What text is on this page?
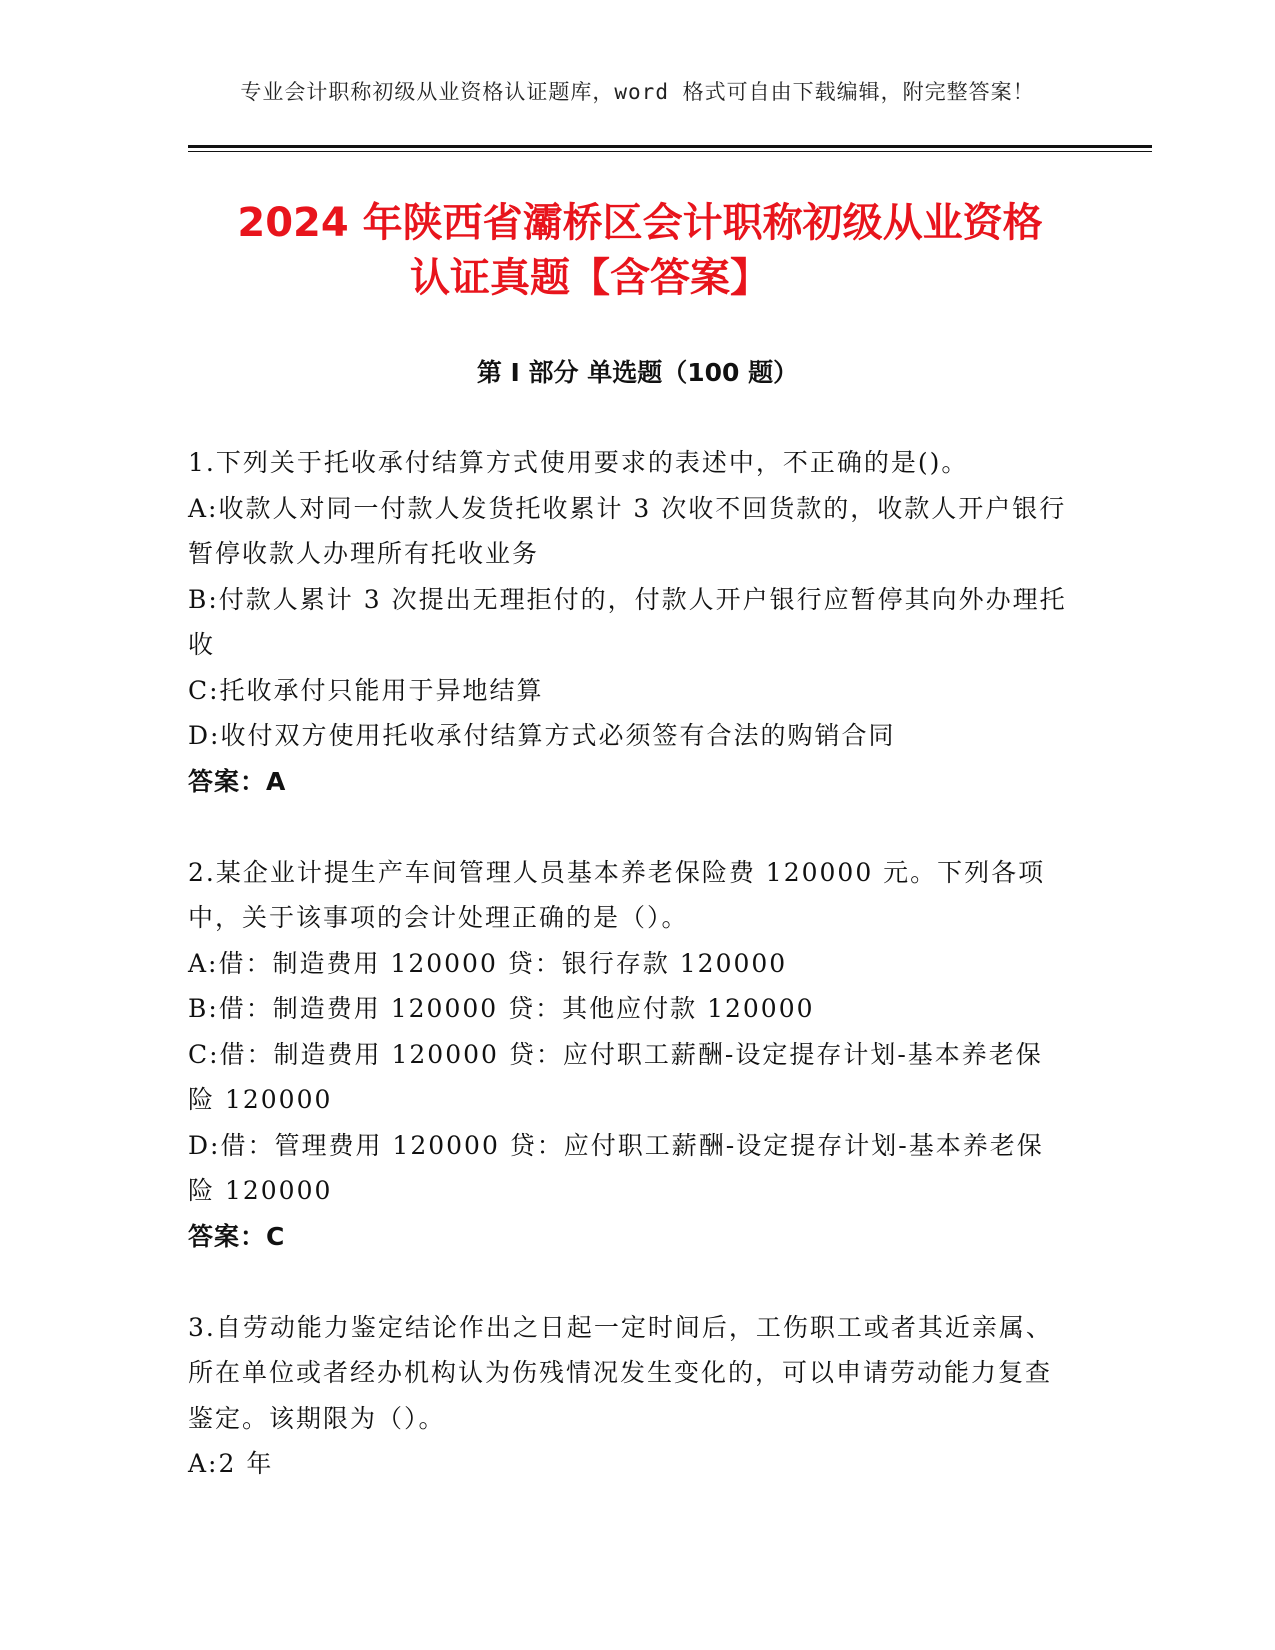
专业会计职称初级从业资格认证题库，word 格式可自由下载编辑，附完整答案！
2024 年陕西省灞桥区会计职称初级从业资格
认证真题【含答案】
第 I 部分 单选题（100 题）

1.下列关于托收承付结算方式使用要求的表述中，不正确的是()。

A:收款人对同一付款人发货托收累计 3 次收不回货款的，收款人开户银行暂停收款人办理所有托收业务

B:付款人累计 3 次提出无理拒付的，付款人开户银行应暂停其向外办理托收

C:托收承付只能用于异地结算

D:收付双方使用托收承付结算方式必须签有合法的购销合同

答案：A

2.某企业计提生产车间管理人员基本养老保险费 120000 元。下列各项中，关于该事项的会计处理正确的是（）。

A:借：制造费用 120000 贷：银行存款 120000

B:借：制造费用 120000 贷：其他应付款 120000

C:借：制造费用 120000 贷：应付职工薪酬-设定提存计划-基本养老保险 120000

D:借：管理费用 120000 贷：应付职工薪酬-设定提存计划-基本养老保险 120000

答案：C

3.自劳动能力鉴定结论作出之日起一定时间后，工伤职工或者其近亲属、所在单位或者经办机构认为伤残情况发生变化的，可以申请劳动能力复查鉴定。该期限为（）。

A:2 年
